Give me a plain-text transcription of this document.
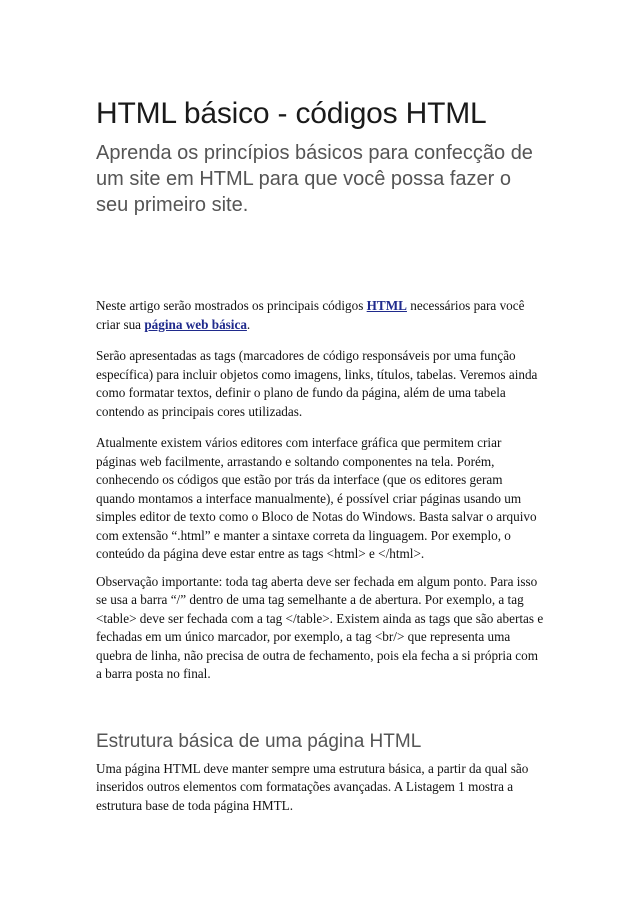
HTML básico - códigos HTML

Aprenda os princípios básicos para confecção de um site em HTML para que você possa fazer o seu primeiro site.

Neste artigo serão mostrados os principais códigos HTML necessários para você criar sua página web básica.

Serão apresentadas as tags (marcadores de código responsáveis por uma função específica) para incluir objetos como imagens, links, títulos, tabelas. Veremos ainda como formatar textos, definir o plano de fundo da página, além de uma tabela contendo as principais cores utilizadas.

Atualmente existem vários editores com interface gráfica que permitem criar páginas web facilmente, arrastando e soltando componentes na tela. Porém, conhecendo os códigos que estão por trás da interface (que os editores geram quando montamos a interface manualmente), é possível criar páginas usando um simples editor de texto como o Bloco de Notas do Windows. Basta salvar o arquivo com extensão “.html” e manter a sintaxe correta da linguagem. Por exemplo, o conteúdo da página deve estar entre as tags <html> e </html>.

Observação importante: toda tag aberta deve ser fechada em algum ponto. Para isso se usa a barra “/” dentro de uma tag semelhante a de abertura. Por exemplo, a tag <table> deve ser fechada com a tag </table>. Existem ainda as tags que são abertas e fechadas em um único marcador, por exemplo, a tag <br/> que representa uma quebra de linha, não precisa de outra de fechamento, pois ela fecha a si própria com a barra posta no final.

Estrutura básica de uma página HTML

Uma página HTML deve manter sempre uma estrutura básica, a partir da qual são inseridos outros elementos com formatações avançadas. A Listagem 1 mostra a estrutura base de toda página HMTL.
